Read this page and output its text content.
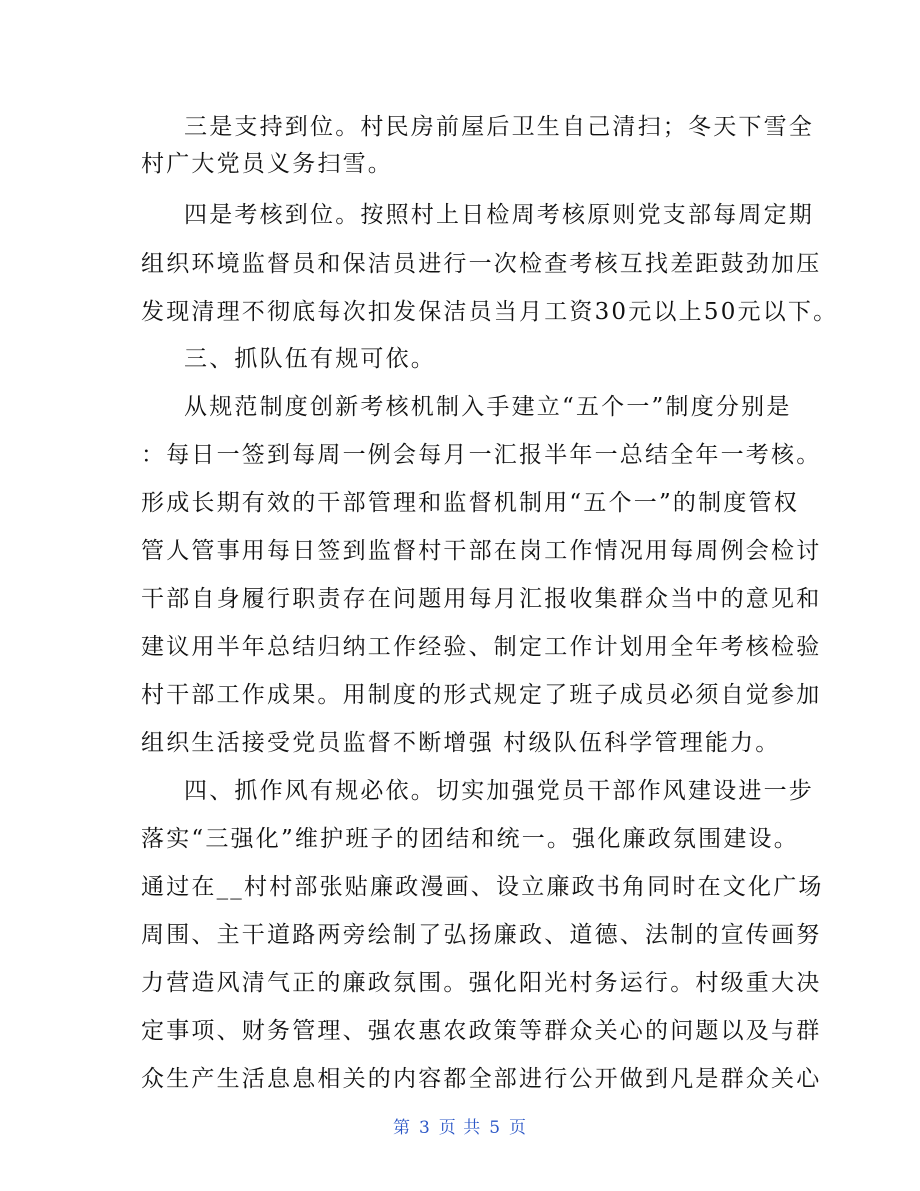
三是支持到位。村民房前屋后卫生自己清扫；冬天下雪全
村广大党员义务扫雪。
四是考核到位。按照村上日检周考核原则党支部每周定期
组织环境监督员和保洁员进行一次检查考核互找差距鼓劲加压
发现清理不彻底每次扣发保洁员当月工资30元以上50元以下。
三、抓队伍有规可依。
从规范制度创新考核机制入手建立“五个一”制度分别是
：每日一签到每周一例会每月一汇报半年一总结全年一考核。
形成长期有效的干部管理和监督机制用“五个一”的制度管权
管人管事用每日签到监督村干部在岗工作情况用每周例会检讨
干部自身履行职责存在问题用每月汇报收集群众当中的意见和
建议用半年总结归纳工作经验、制定工作计划用全年考核检验
村干部工作成果。用制度的形式规定了班子成员必须自觉参加
组织生活接受党员监督不断增强 村级队伍科学管理能力。
四、抓作风有规必依。切实加强党员干部作风建设进一步
落实“三强化”维护班子的团结和统一。强化廉政氛围建设。
通过在__村村部张贴廉政漫画、设立廉政书角同时在文化广场
周围、主干道路两旁绘制了弘扬廉政、道德、法制的宣传画努
力营造风清气正的廉政氛围。强化阳光村务运行。村级重大决
定事项、财务管理、强农惠农政策等群众关心的问题以及与群
众生产生活息息相关的内容都全部进行公开做到凡是群众关心
第 3 页 共 5 页
